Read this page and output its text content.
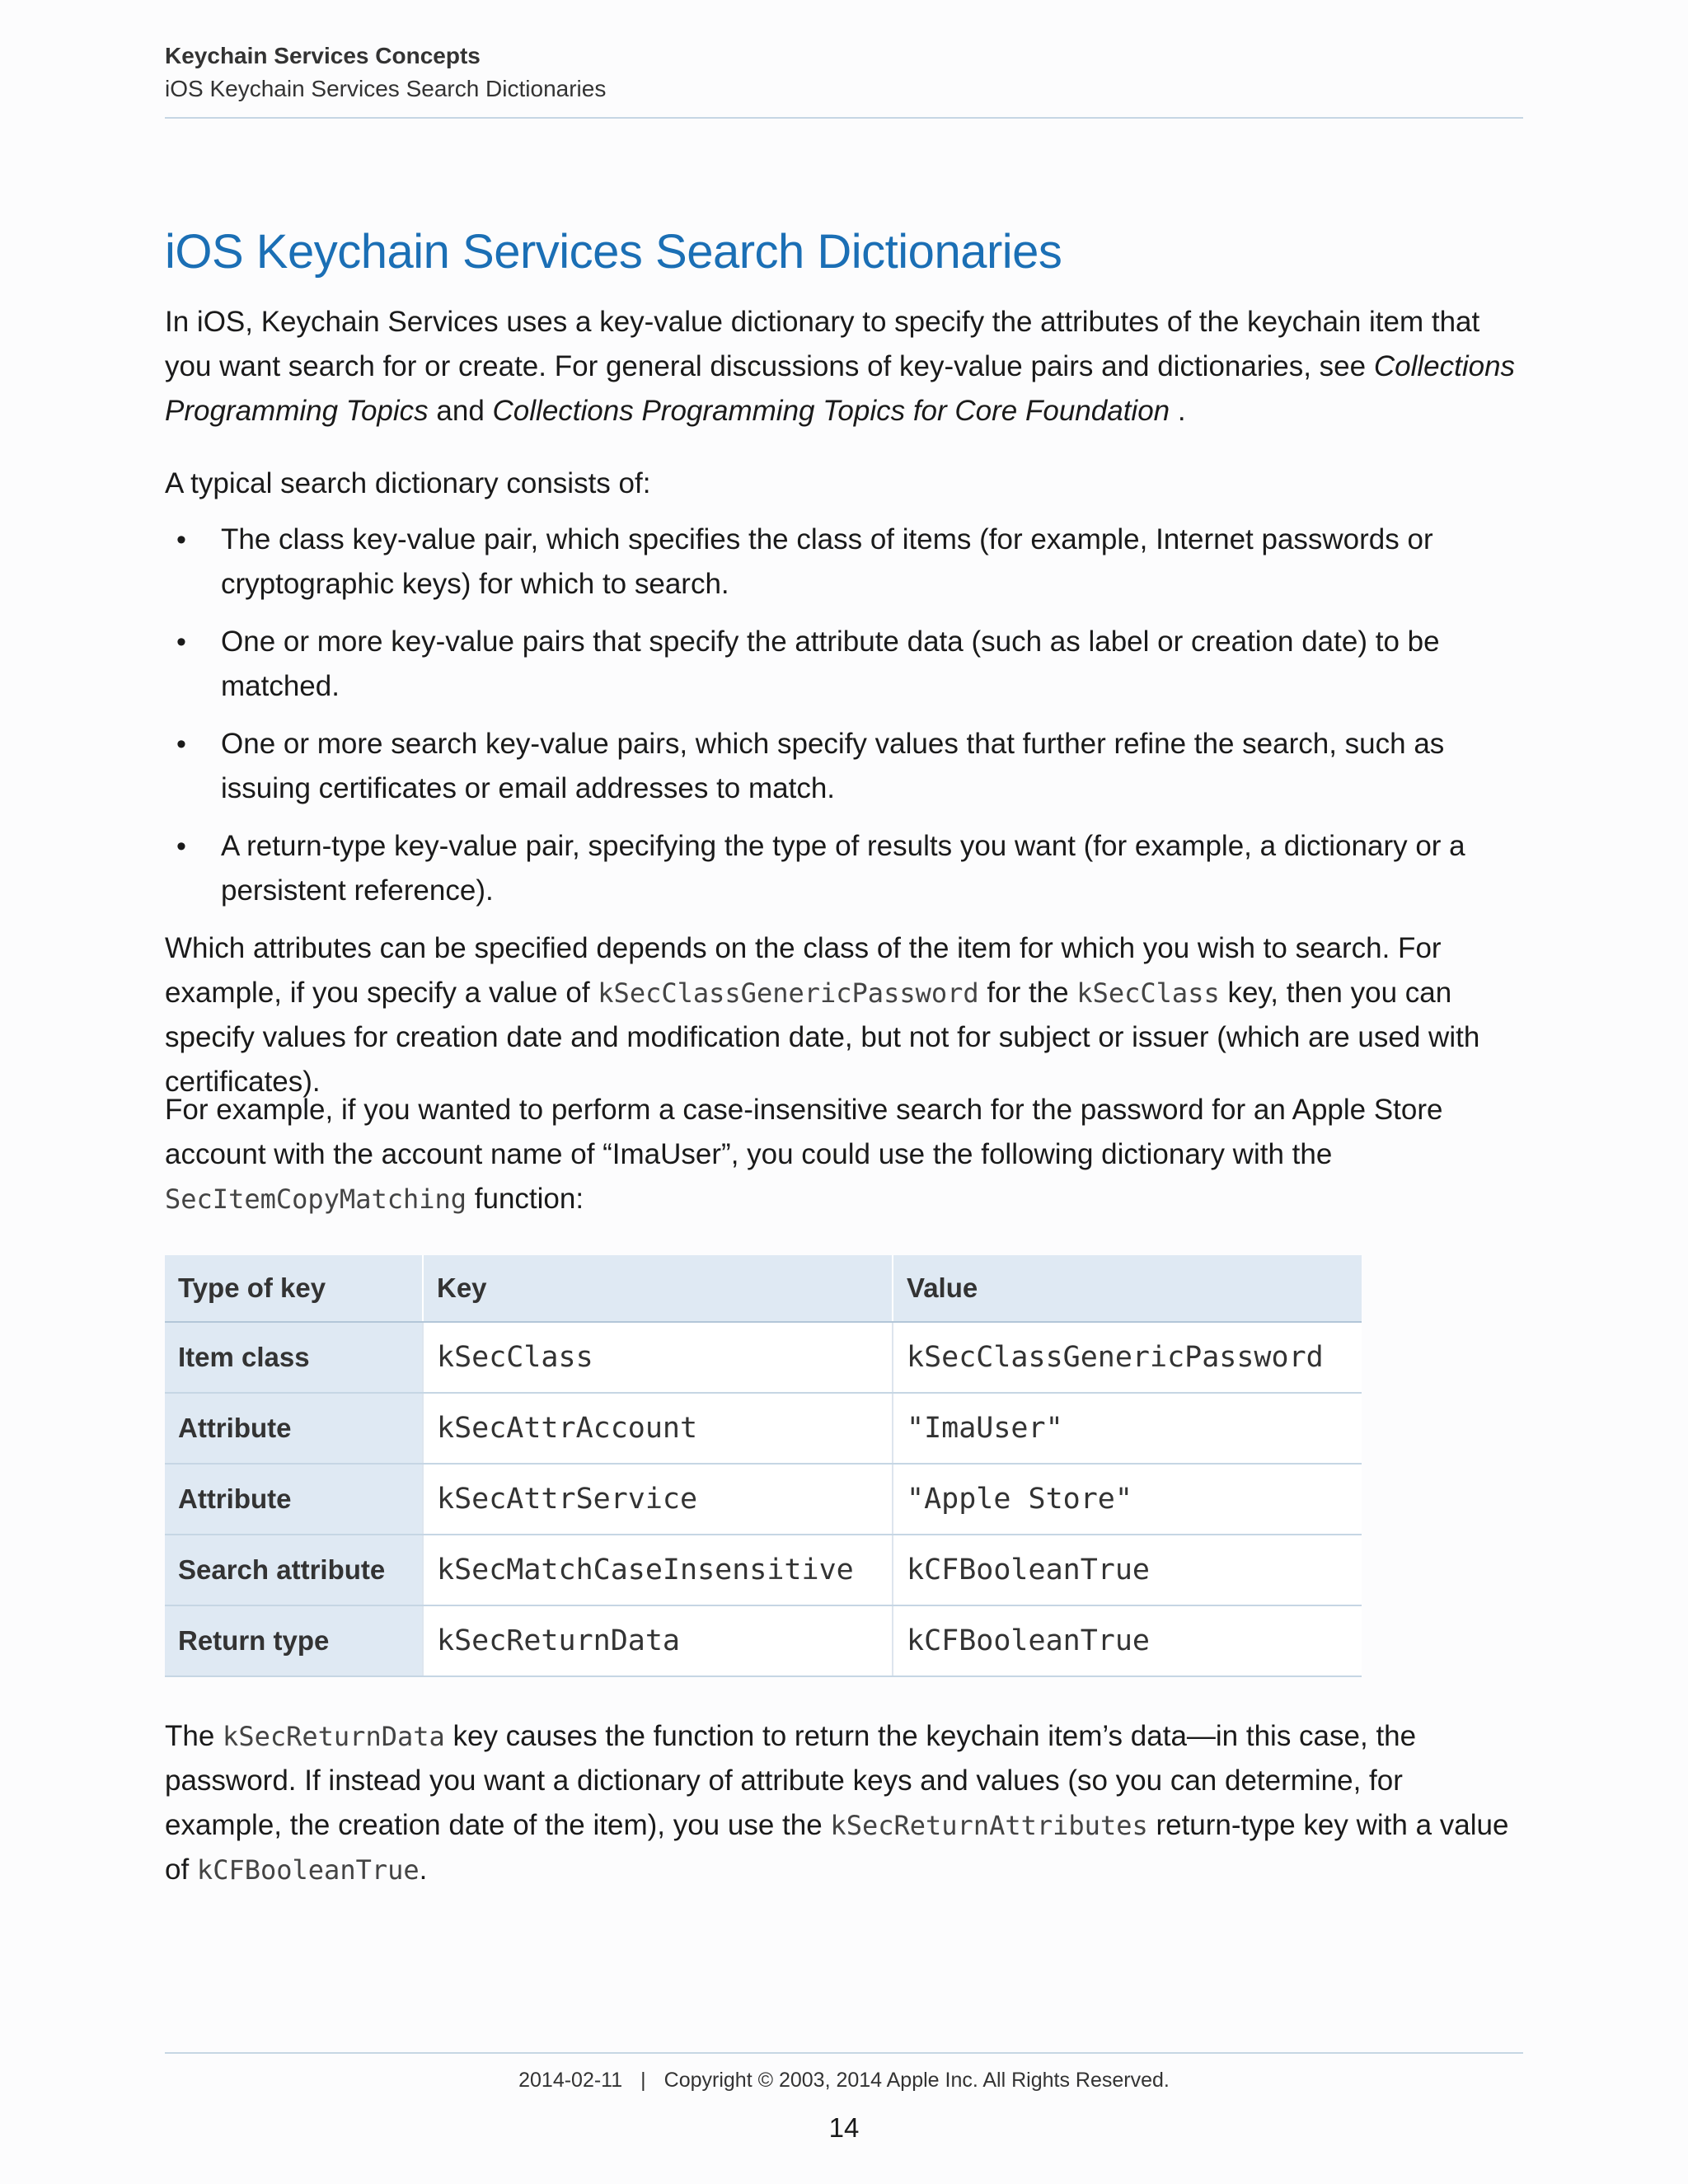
Keychain Services Concepts
iOS Keychain Services Search Dictionaries
iOS Keychain Services Search Dictionaries

In iOS, Keychain Services uses a key-value dictionary to specify the attributes of the keychain item that you want search for or create. For general discussions of key-value pairs and dictionaries, see Collections Programming Topics and Collections Programming Topics for Core Foundation .

A typical search dictionary consists of:

• The class key-value pair, which specifies the class of items (for example, Internet passwords or cryptographic keys) for which to search.
• One or more key-value pairs that specify the attribute data (such as label or creation date) to be matched.
• One or more search key-value pairs, which specify values that further refine the search, such as issuing certificates or email addresses to match.
• A return-type key-value pair, specifying the type of results you want (for example, a dictionary or a persistent reference).

Which attributes can be specified depends on the class of the item for which you wish to search. For example, if you specify a value of kSecClassGenericPassword for the kSecClass key, then you can specify values for creation date and modification date, but not for subject or issuer (which are used with certificates).

For example, if you wanted to perform a case-insensitive search for the password for an Apple Store account with the account name of “ImaUser”, you could use the following dictionary with the SecItemCopyMatching function:

Type of key	Key	Value
Item class	kSecClass	kSecClassGenericPassword
Attribute	kSecAttrAccount	"ImaUser"
Attribute	kSecAttrService	"Apple Store"
Search attribute	kSecMatchCaseInsensitive	kCFBooleanTrue
Return type	kSecReturnData	kCFBooleanTrue

The kSecReturnData key causes the function to return the keychain item’s data—in this case, the password. If instead you want a dictionary of attribute keys and values (so you can determine, for example, the creation date of the item), you use the kSecReturnAttributes return-type key with a value of kCFBooleanTrue.

2014-02-11 | Copyright © 2003, 2014 Apple Inc. All Rights Reserved.
14
